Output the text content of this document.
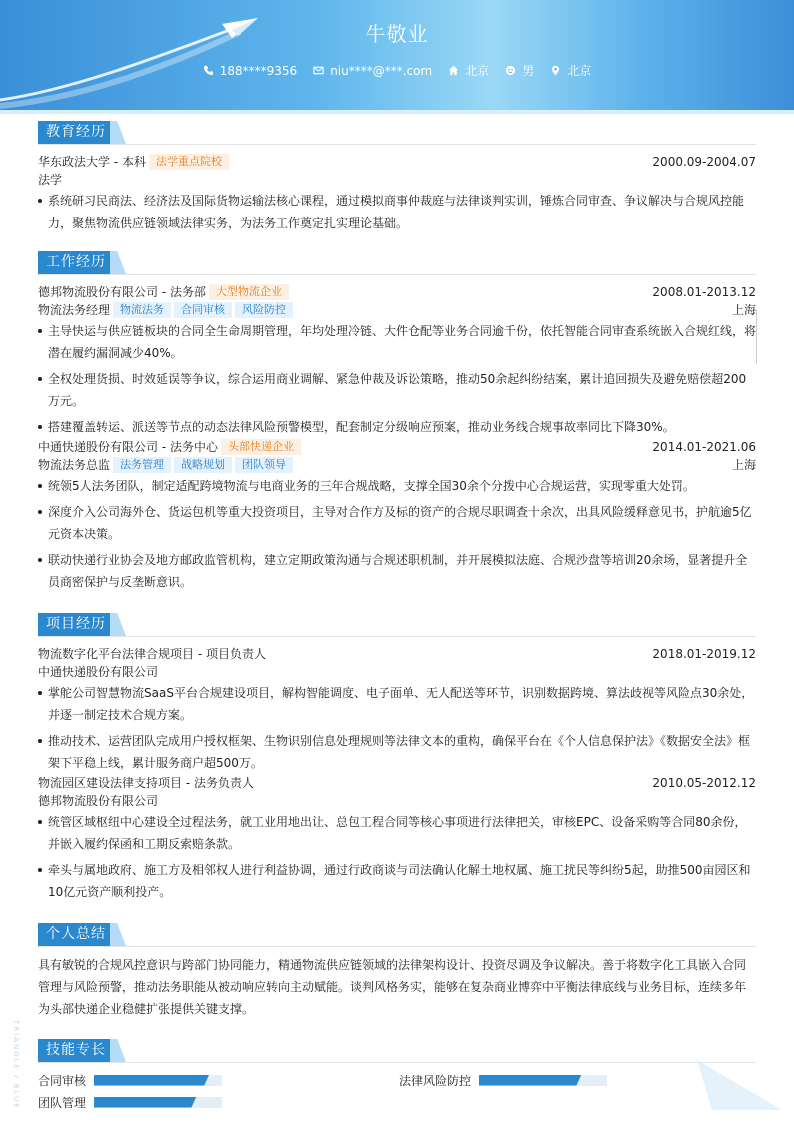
牛敬业
188****9356	niu****@***.com	北京	男	北京
教育经历
华东政法大学 - 本科 法学重点院校	2000.09-2004.07
法学
系统研习民商法、经济法及国际货物运输法核心课程，通过模拟商事仲裁庭与法律谈判实训，锤炼合同审查、争议解决与合规风控能力，聚焦物流供应链领域法律实务，为法务工作奠定扎实理论基础。
工作经历
德邦物流股份有限公司 - 法务部 大型物流企业	2008.01-2013.12
物流法务经理 物流法务 合同审核 风险防控	上海
主导快运与供应链板块的合同全生命周期管理，年均处理冷链、大件仓配等业务合同逾千份，依托智能合同审查系统嵌入合规红线，将潜在履约漏洞减少40%。
全权处理货损、时效延误等争议，综合运用商业调解、紧急仲裁及诉讼策略，推动50余起纠纷结案，累计追回损失及避免赔偿超200万元。
搭建覆盖转运、派送等节点的动态法律风险预警模型，配套制定分级响应预案，推动业务线合规事故率同比下降30%。
中通快递股份有限公司 - 法务中心 头部快递企业	2014.01-2021.06
物流法务总监 法务管理 战略规划 团队领导	上海
统领5人法务团队，制定适配跨境物流与电商业务的三年合规战略，支撑全国30余个分拨中心合规运营，实现零重大处罚。
深度介入公司海外仓、货运包机等重大投资项目，主导对合作方及标的资产的合规尽职调查十余次，出具风险缓释意见书，护航逾5亿元资本决策。
联动快递行业协会及地方邮政监管机构，建立定期政策沟通与合规述职机制，并开展模拟法庭、合规沙盘等培训20余场，显著提升全员商密保护与反垄断意识。
项目经历
物流数字化平台法律合规项目 - 项目负责人	2018.01-2019.12
中通快递股份有限公司
掌舵公司智慧物流SaaS平台合规建设项目，解构智能调度、电子面单、无人配送等环节，识别数据跨境、算法歧视等风险点30余处，并逐一制定技术合规方案。
推动技术、运营团队完成用户授权框架、生物识别信息处理规则等法律文本的重构，确保平台在《个人信息保护法》《数据安全法》框架下平稳上线，累计服务商户超500万。
物流园区建设法律支持项目 - 法务负责人	2010.05-2012.12
德邦物流股份有限公司
统管区域枢纽中心建设全过程法务，就工业用地出让、总包工程合同等核心事项进行法律把关，审核EPC、设备采购等合同80余份，并嵌入履约保函和工期反索赔条款。
牵头与属地政府、施工方及相邻权人进行利益协调，通过行政商谈与司法确认化解土地权属、施工扰民等纠纷5起，助推500亩园区和10亿元资产顺利投产。
个人总结
具有敏锐的合规风控意识与跨部门协同能力，精通物流供应链领域的法律架构设计、投资尽调及争议解决。善于将数字化工具嵌入合同管理与风险预警，推动法务职能从被动响应转向主动赋能。谈判风格务实，能够在复杂商业博弈中平衡法律底线与业务目标，连续多年为头部快递企业稳健扩张提供关键支撑。
技能专长
合同审核	法律风险防控
团队管理
TRIANGLE / BLUE
